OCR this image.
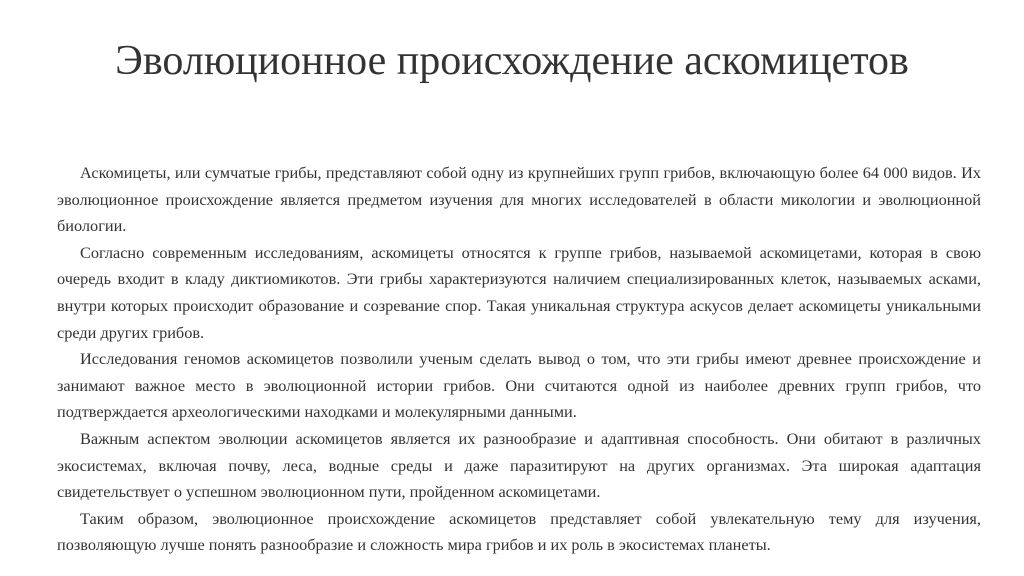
Эволюционное происхождение аскомицетов

Аскомицеты, или сумчатые грибы, представляют собой одну из крупнейших групп грибов, включающую более 64 000 видов. Их эволюционное происхождение является предметом изучения для многих исследователей в области микологии и эволюционной биологии.

Согласно современным исследованиям, аскомицеты относятся к группе грибов, называемой аскомицетами, которая в свою очередь входит в кладу диктиомикотов. Эти грибы характеризуются наличием специализированных клеток, называемых асками, внутри которых происходит образование и созревание спор. Такая уникальная структура аскусов делает аскомицеты уникальными среди других грибов.

Исследования геномов аскомицетов позволили ученым сделать вывод о том, что эти грибы имеют древнее происхождение и занимают важное место в эволюционной истории грибов. Они считаются одной из наиболее древних групп грибов, что подтверждается археологическими находками и молекулярными данными.

Важным аспектом эволюции аскомицетов является их разнообразие и адаптивная способность. Они обитают в различных экосистемах, включая почву, леса, водные среды и даже паразитируют на других организмах. Эта широкая адаптация свидетельствует о успешном эволюционном пути, пройденном аскомицетами.

Таким образом, эволюционное происхождение аскомицетов представляет собой увлекательную тему для изучения, позволяющую лучше понять разнообразие и сложность мира грибов и их роль в экосистемах планеты.
